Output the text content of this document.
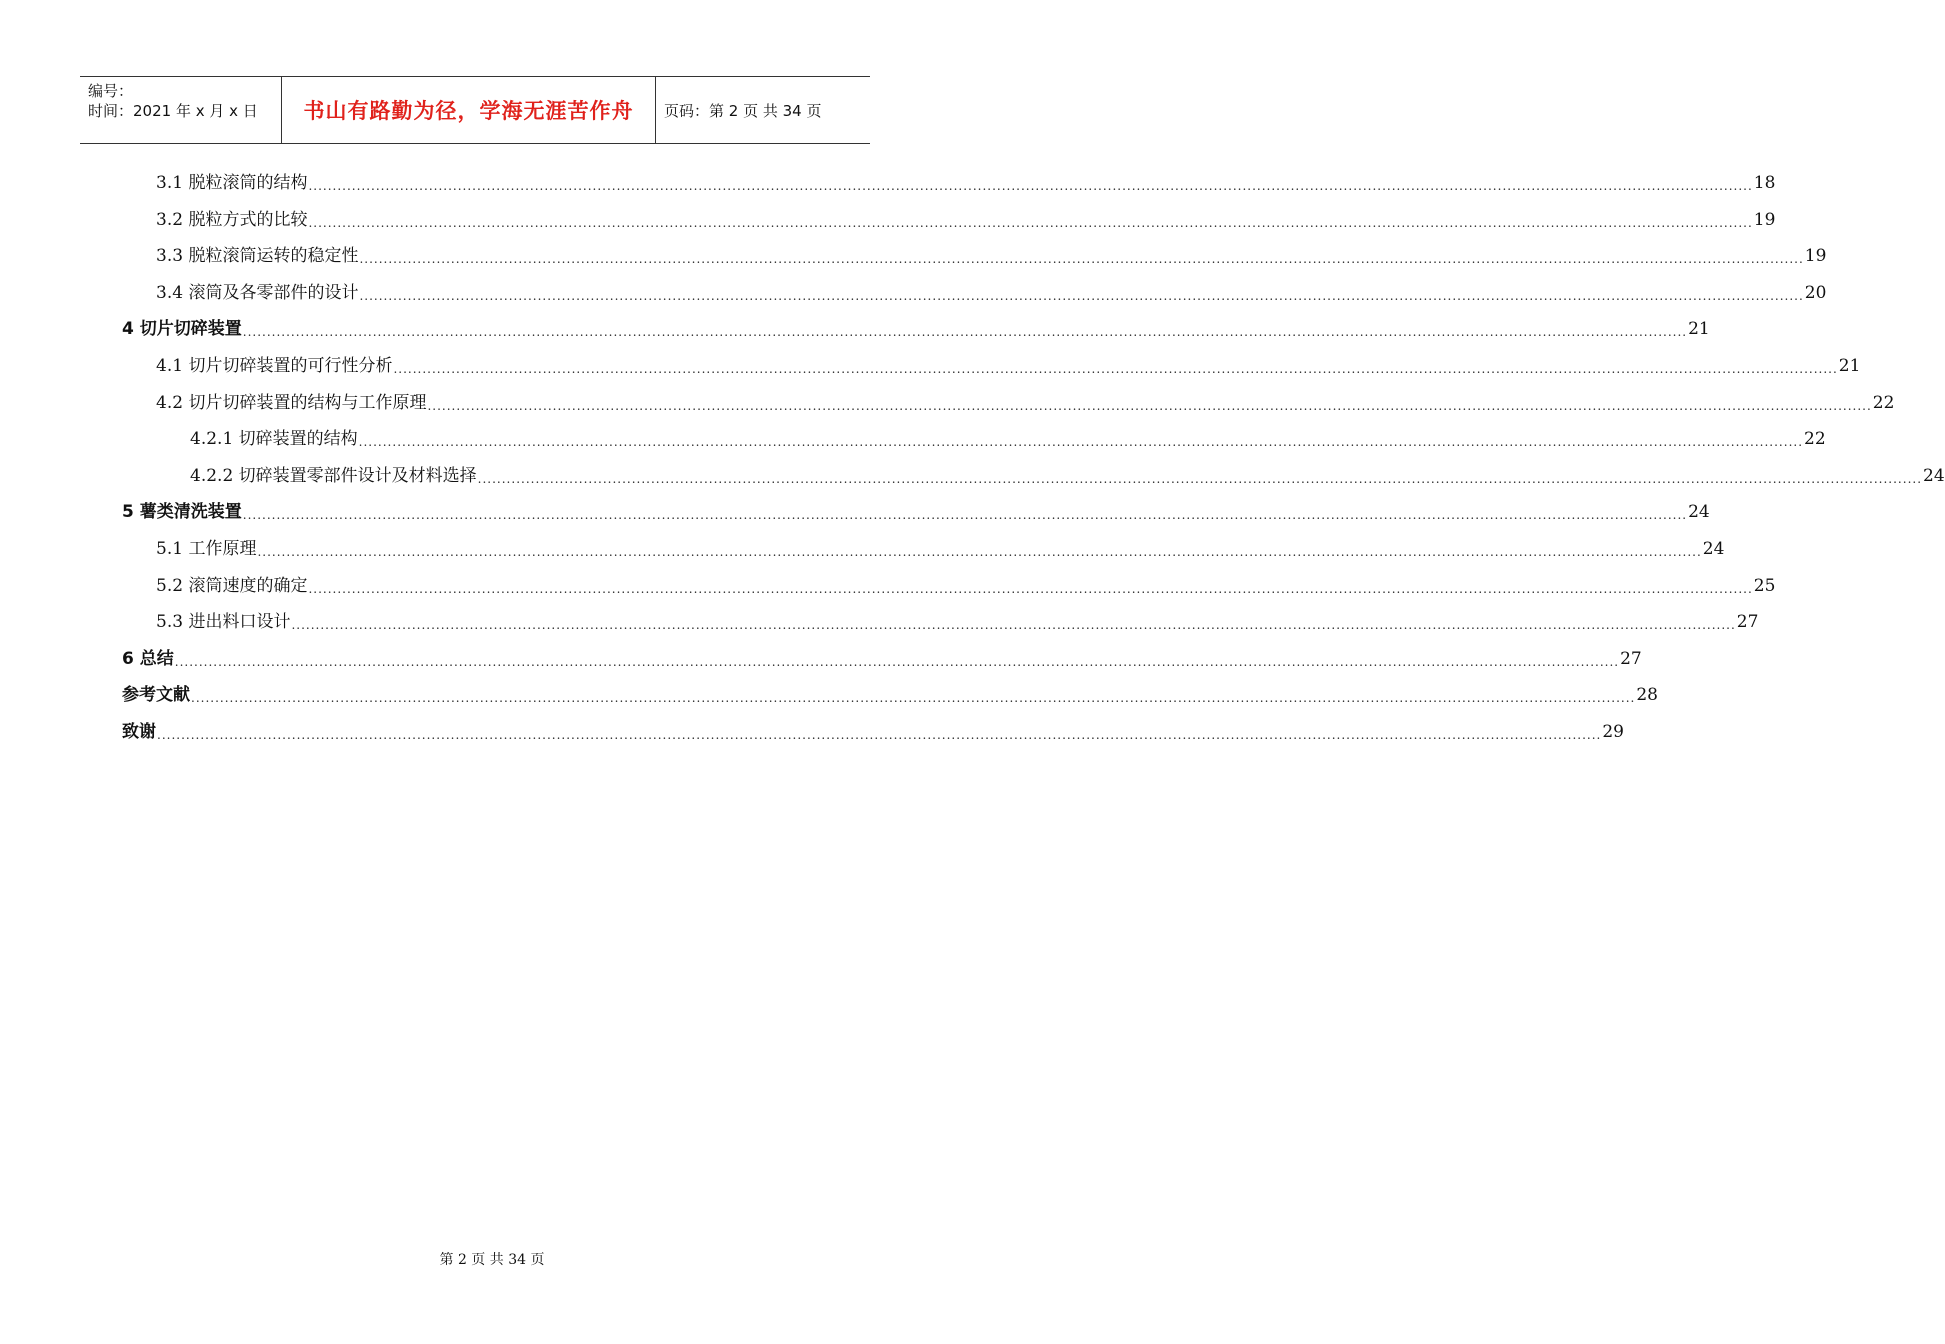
编号：
时间：2021 年 x 月 x 日	书山有路勤为径，学海无涯苦作舟	页码：第 2 页 共 34 页
3.1 脱粒滚筒的结构 ............................................................................................................................................................................................................................................................................................................ 18
3.2 脱粒方式的比较 ............................................................................................................................................................................................................................................................................................................ 19
3.3 脱粒滚筒运转的稳定性 ............................................................................................................................................................................................................................................................................................................ 19
3.4 滚筒及各零部件的设计 ............................................................................................................................................................................................................................................................................................................ 20
4 切片切碎装置 ............................................................................................................................................................................................................................................................................................................ 21
4.1 切片切碎装置的可行性分析 ............................................................................................................................................................................................................................................................................................................ 21
4.2 切片切碎装置的结构与工作原理 ............................................................................................................................................................................................................................................................................................................ 22
4.2.1 切碎装置的结构 ............................................................................................................................................................................................................................................................................................................ 22
4.2.2 切碎装置零部件设计及材料选择 ............................................................................................................................................................................................................................................................................................................ 24
5 薯类清洗装置 ............................................................................................................................................................................................................................................................................................................ 24
5.1 工作原理 ............................................................................................................................................................................................................................................................................................................ 24
5.2 滚筒速度的确定 ............................................................................................................................................................................................................................................................................................................ 25
5.3 进出料口设计 ............................................................................................................................................................................................................................................................................................................ 27
6 总结 ............................................................................................................................................................................................................................................................................................................ 27
参考文献 ............................................................................................................................................................................................................................................................................................................ 28
致谢 ............................................................................................................................................................................................................................................................................................................ 29
第 2 页 共 34 页
